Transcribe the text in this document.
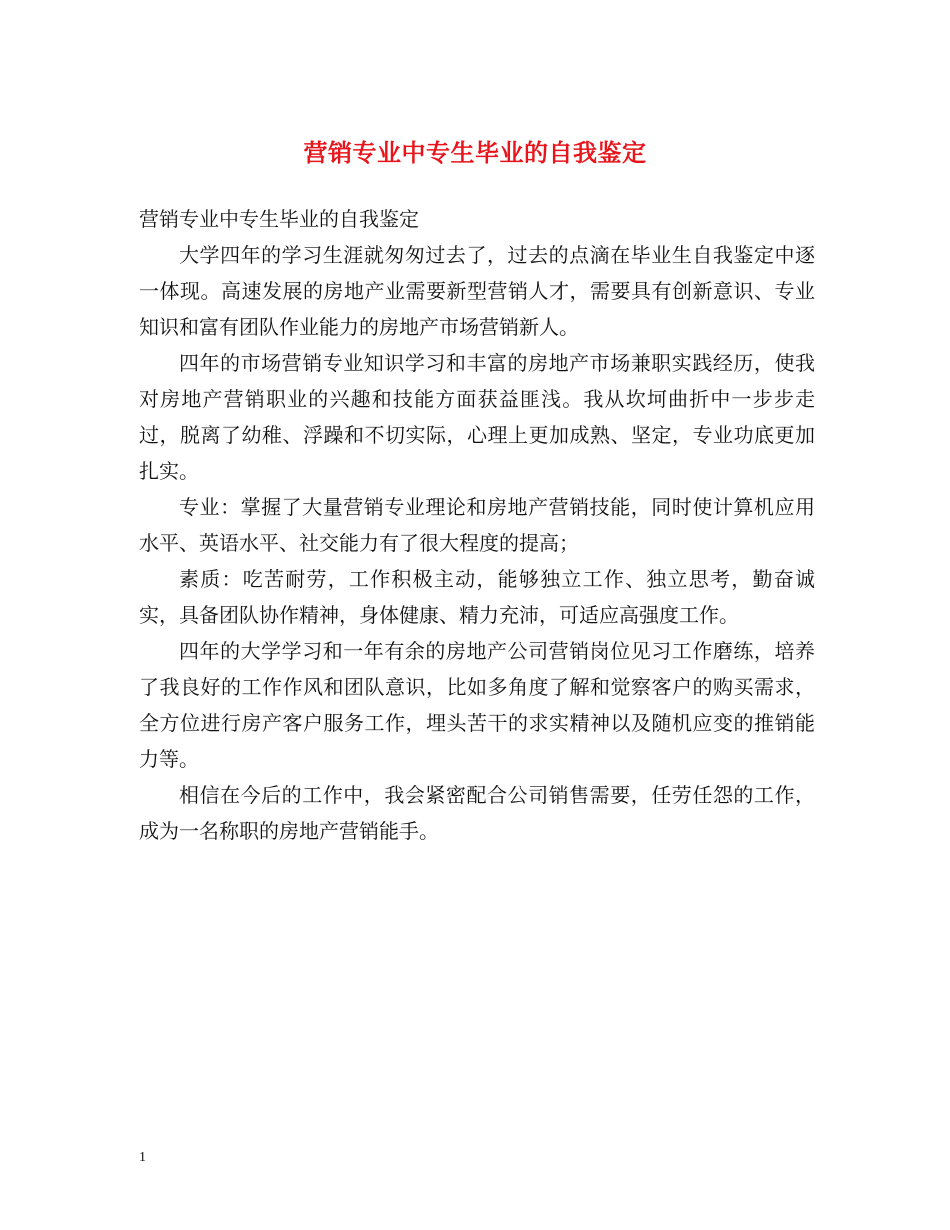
营销专业中专生毕业的自我鉴定

营销专业中专生毕业的自我鉴定

大学四年的学习生涯就匆匆过去了，过去的点滴在毕业生自我鉴定中逐一体现。高速发展的房地产业需要新型营销人才，需要具有创新意识、专业知识和富有团队作业能力的房地产市场营销新人。

四年的市场营销专业知识学习和丰富的房地产市场兼职实践经历，使我对房地产营销职业的兴趣和技能方面获益匪浅。我从坎坷曲折中一步步走过，脱离了幼稚、浮躁和不切实际，心理上更加成熟、坚定，专业功底更加扎实。

专业：掌握了大量营销专业理论和房地产营销技能，同时使计算机应用水平、英语水平、社交能力有了很大程度的提高；

素质：吃苦耐劳，工作积极主动，能够独立工作、独立思考，勤奋诚实，具备团队协作精神，身体健康、精力充沛，可适应高强度工作。

四年的大学学习和一年有余的房地产公司营销岗位见习工作磨练，培养了我良好的工作作风和团队意识，比如多角度了解和觉察客户的购买需求，全方位进行房产客户服务工作，埋头苦干的求实精神以及随机应变的推销能力等。

相信在今后的工作中，我会紧密配合公司销售需要，任劳任怨的工作，成为一名称职的房地产营销能手。

1
